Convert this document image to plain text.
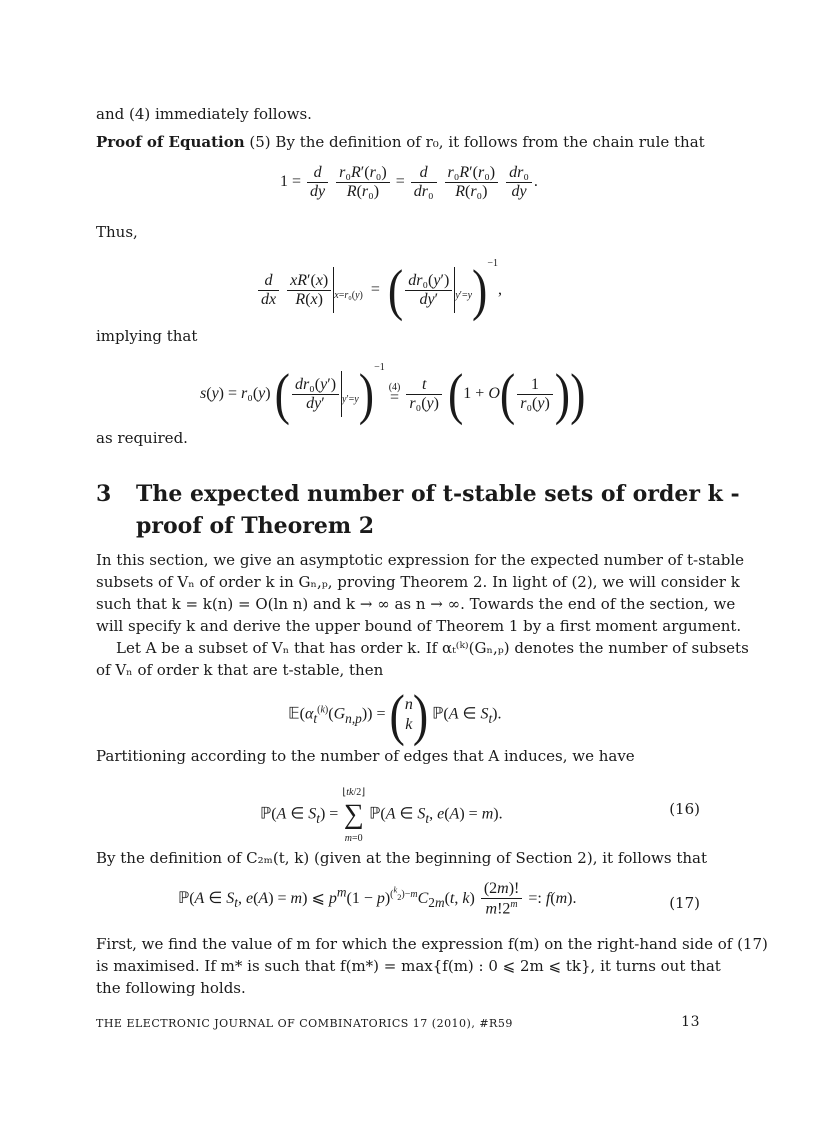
and (4) immediately follows.
Proof of Equation (5) By the definition of r₀, it follows from the chain rule that
$1 = \frac{d}{dy}$
$\frac{\text{r₀R′(r₀)}}{\text{R(r₀)}} = \frac{d}{\text{dr₀}}$
$\frac{\text{r₀R′(r₀)}}{\text{R(r₀)}}$
$\frac{\text{dr₀}}{dy}$ .
Thus,
$\frac{d}{dx}$
$\frac{xR'(x)}{R(x)} _{x=r_0(y)}$  =  ( $\frac{\text{dr₀(y′)}}{dy'} _{y'=y})^{-1}$,
implying that
s(y) = r₀(y) ( $\frac{\text{dr₀(y′)}}{dy'} _{y'=y})^{-1}$ (4)
= $\frac{t}{\text{r₀(y)}} (1 + O( \frac{1}{\text{r₀(y)}}$ ))
as required.
3 The expected number of t-stable sets of order k -
proof of Theorem 2
In this section, we give an asymptotic expression for the expected number of t-stable
subsets of Vₙ of order k in Gₙ,ₚ, proving Theorem 2. In light of (2), we will consider k
such that k = k(n) = O(ln n) and k → ∞ as n → ∞. Towards the end of the section, we
will specify k and derive the upper bound of Theorem 1 by a first moment argument.
Let A be a subset of Vₙ that has order k. If αₜ⁽ᵏ⁾(Gₙ,ₚ) denotes the number of subsets
of Vₙ of order k that are t-stable, then
$𝔼(\alpha_t^{(k)}(G_{n,p})) = (n$
k) ℙ(A ∈ $S_t$).
Partitioning according to the number of edges that A induces, we have
ℙ(A ∈ $S_t$) = ⌊tk/2⌋
∑
m=0 ℙ(A ∈ $S_t$, e(A) = m).	(16)
By the definition of C₂ₘ(t, k) (given at the beginning of Section 2), it follows that
ℙ(A ∈ $S_t$, e(A) = m) ⩽ $p^m(1 - p)^{(^k_2)-m}C_{2m}(t$, $k) \frac{(2m)!}{m!2^m}$ =: f(m).	(17)
First, we find the value of m for which the expression f(m) on the right-hand side of (17)
is maximised. If m* is such that f(m*) = max{f(m) : 0 ⩽ 2m ⩽ tk}, it turns out that
the following holds.
THE ELECTRONIC JOURNAL OF COMBINATORICS 17 (2010), #R59	13
